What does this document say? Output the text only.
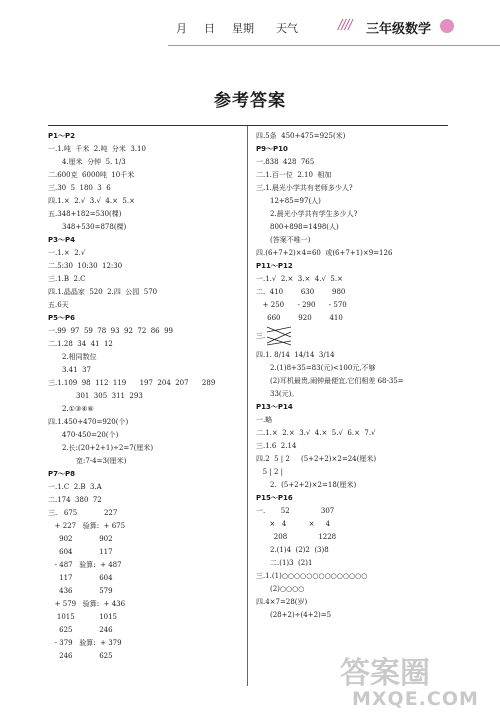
月 日 星期 天气	//// 三年级数学
参考答案
P1～P2
一.1.吨  千米  2.吨  分米  3.10
4.厘米  分钟  5. 1/3
二.600克  6000吨  10千米
三.30  5  180  3  6
四.1.×  2.√  3.√  4.×  5.×
五.348+182=530(棵)
348+530=878(棵)
P3～P4
一.1.×  2.√
二.5:30  10:30  12:30
三.1.B  2.C
四.1.晶晶家  520  2.四  公园  570
五.6天
P5～P6
一.99  97  59  78  93  92  72  86  99
二.1.28  34  41  12
2.相同数位
3.41  37
三.1.109  98  112  119      197  204  207      289
301  305  311  293
2.①③④⑥
四.1.450+470=920(个)
470-450=20(个)
2.长:(20+2+1)÷2=7(厘米)
宽:7-4=3(厘米)
P7～P8
一.1.C  2.B  3.A
二.174  380  72
三.   675            227
+ 227   验算:  + 675
902            902
604            117
- 487   验算:  + 487
117            604
436            579
+ 579   验算:  + 436
1015           1015
625            246
- 379   验算:  + 379
246            625
四.5条  450+475=925(米)
P9～P10
一.838  428  765
二.1.百一位  2.10  相加
三.1.晨光小学共有老师多少人?
12+85=97(人)
2.晨光小学共有学生多少人?
800+898=1498(人)
(答案不唯一)
四.(6+7+2)×4=60  或(6+7+1)×9=126
P11～P12
一.1.√  2.×  3.×  4.√  5.×
二.  410        630        980
+ 250      - 290      - 570
660        920        410
三.
四.1. 8/14  14/14  3/14
2.(1)8+35=83(元)<100元,不够
(2)耳机最贵,闹钟最便宜,它们相差 68-35=
33(元)。
P13～P14
一.略
二.1.×  2.×  3.√  4.×  5.√  6.×  7.√
三.1.6  2.14
四.2  5 | 2     (5+2+2)×2=24(厘米)
5 | 2 |
2.  (5+2+2)×2=18(厘米)
P15～P16
一.       52              307
×   4          ×     4
208              1228
2.(1)4  (2)2  (3)8
二.(1)3  (2)1
三.1.(1)○○○○○○○○○○○○○○
(2)○○○○
四.4×7=28(岁)
(28+2)÷(4+2)=5
答案圈
MXQE.COM
